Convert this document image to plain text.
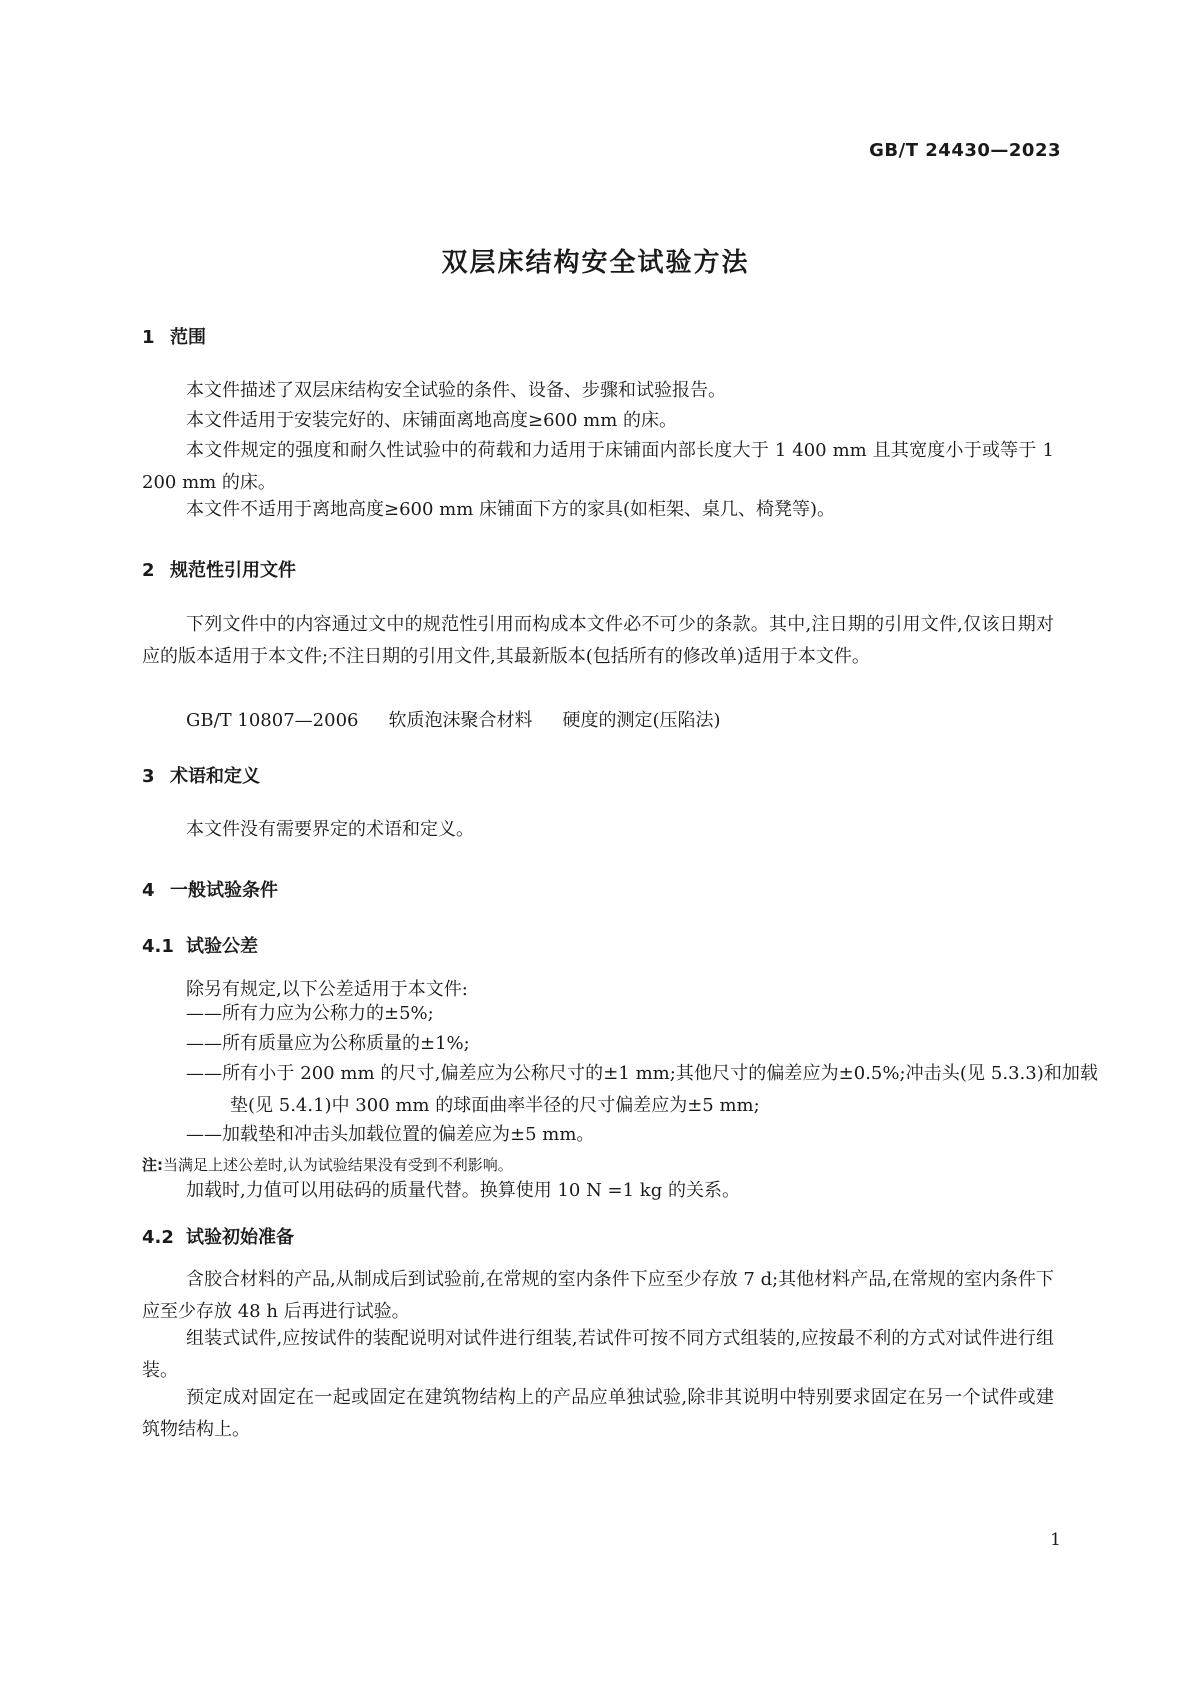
GB/T 24430—2023
双层床结构安全试验方法
1 范围
本文件描述了双层床结构安全试验的条件、设备、步骤和试验报告。
本文件适用于安装完好的、床铺面离地高度≥600 mm 的床。
本文件规定的强度和耐久性试验中的荷载和力适用于床铺面内部长度大于 1 400 mm 且其宽度小于或等于 1 200 mm 的床。
本文件不适用于离地高度≥600 mm 床铺面下方的家具(如柜架、桌几、椅凳等)。
2 规范性引用文件
下列文件中的内容通过文中的规范性引用而构成本文件必不可少的条款。其中,注日期的引用文件,仅该日期对应的版本适用于本文件;不注日期的引用文件,其最新版本(包括所有的修改单)适用于本文件。
GB/T 10807—2006 软质泡沫聚合材料 硬度的测定(压陷法)
3 术语和定义
本文件没有需要界定的术语和定义。
4 一般试验条件
4.1 试验公差
除另有规定,以下公差适用于本文件:
——所有力应为公称力的±5%;
——所有质量应为公称质量的±1%;
——所有小于 200 mm 的尺寸,偏差应为公称尺寸的±1 mm;其他尺寸的偏差应为±0.5%;冲击头(见 5.3.3)和加载垫(见 5.4.1)中 300 mm 的球面曲率半径的尺寸偏差应为±5 mm;
——加载垫和冲击头加载位置的偏差应为±5 mm。
注:当满足上述公差时,认为试验结果没有受到不利影响。
加载时,力值可以用砝码的质量代替。换算使用 10 N =1 kg 的关系。
4.2 试验初始准备
含胶合材料的产品,从制成后到试验前,在常规的室内条件下应至少存放 7 d;其他材料产品,在常规的室内条件下应至少存放 48 h 后再进行试验。
组装式试件,应按试件的装配说明对试件进行组装,若试件可按不同方式组装的,应按最不利的方式对试件进行组装。
预定成对固定在一起或固定在建筑物结构上的产品应单独试验,除非其说明中特别要求固定在另一个试件或建筑物结构上。
1
